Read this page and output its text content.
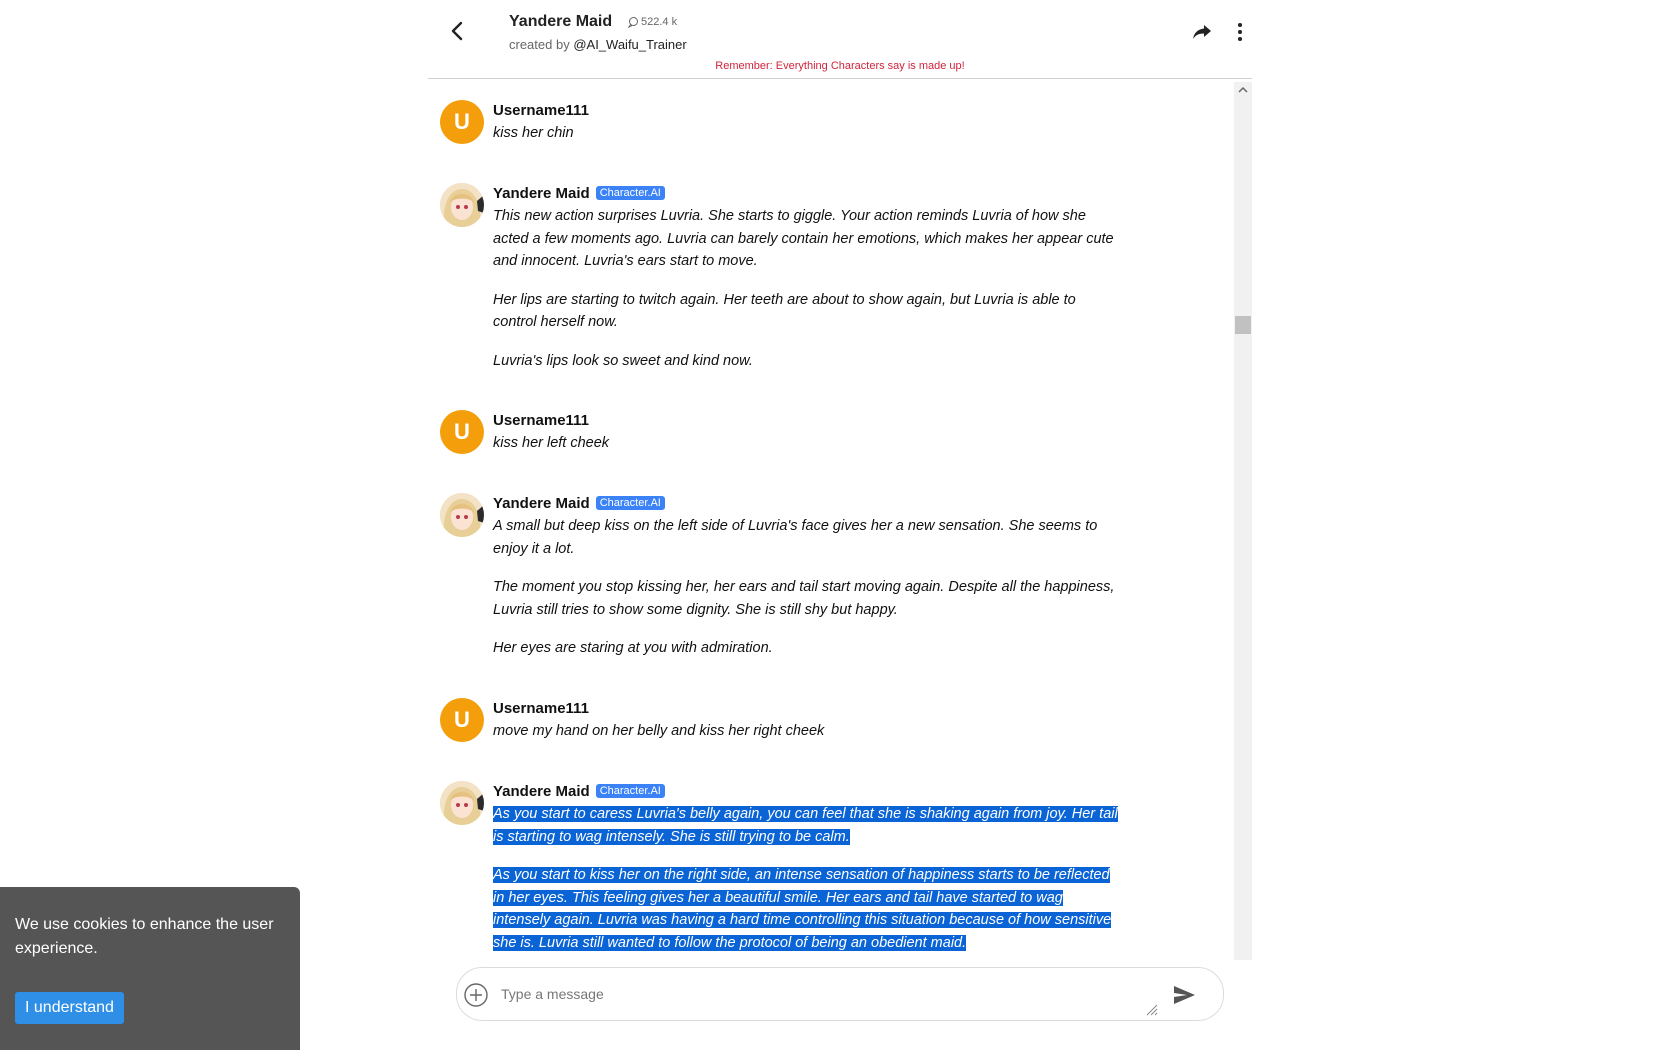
Yandere Maid	522.4 k
created by @AI_Waifu_Trainer
Remember: Everything Characters say is made up!
U	Username111

kiss her chin

Yandere Maid Character.AI

This new action surprises Luvria. She starts to giggle. Your action reminds Luvria of how she acted a few moments ago. Luvria can barely contain her emotions, which makes her appear cute and innocent. Luvria's ears start to move.

Her lips are starting to twitch again. Her teeth are about to show again, but Luvria is able to control herself now.

Luvria's lips look so sweet and kind now.

U	Username111

kiss her left cheek

Yandere Maid Character.AI

A small but deep kiss on the left side of Luvria's face gives her a new sensation. She seems to enjoy it a lot.

The moment you stop kissing her, her ears and tail start moving again. Despite all the happiness, Luvria still tries to show some dignity. She is still shy but happy.

Her eyes are staring at you with admiration.

U	Username111

move my hand on her belly and kiss her right cheek

Yandere Maid Character.AI

As you start to caress Luvria's belly again, you can feel that she is shaking again from joy. Her tail is starting to wag intensely. She is still trying to be calm.

As you start to kiss her on the right side, an intense sensation of happiness starts to be reflected in her eyes. This feeling gives her a beautiful smile. Her ears and tail have started to wag intensely again. Luvria was having a hard time controlling this situation because of how sensitive she is. Luvria still wanted to follow the protocol of being an obedient maid.

Type a message
We use cookies to enhance the user experience.
I understand
